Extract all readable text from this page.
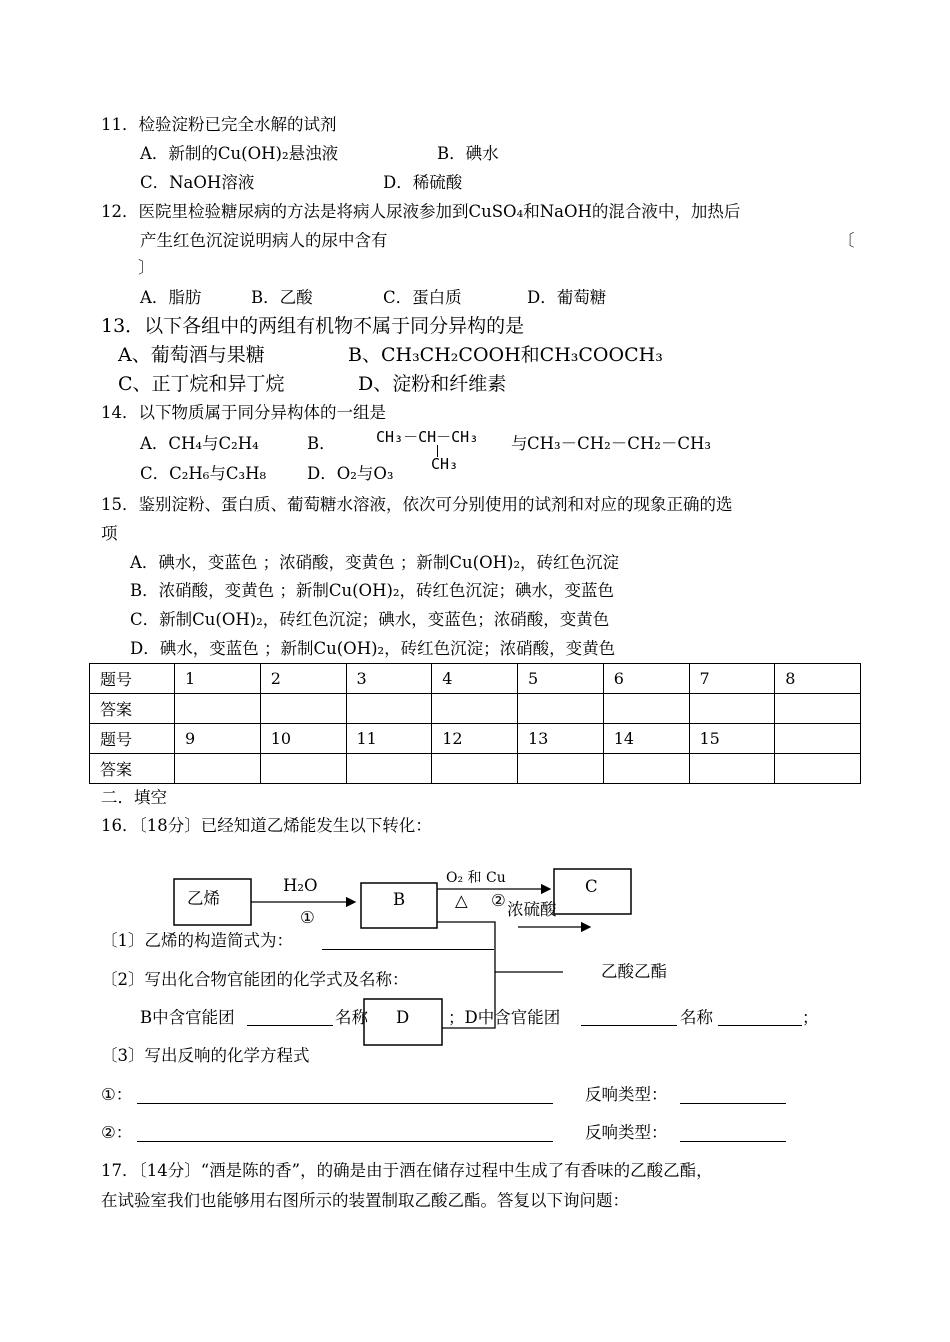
11．检验淀粉已完全水解的试剂
A．新制的Cu(OH)₂悬浊液	B．碘水
C．NaOH溶液	D．稀硫酸
12．医院里检验糖尿病的方法是将病人尿液参加到CuSO₄和NaOH的混合液中，加热后
产生红色沉淀说明病人的尿中含有	〔
〕
A．脂肪	B．乙酸	C．蛋白质	D．葡萄糖
13．以下各组中的两组有机物不属于同分异构的是
A、葡萄酒与果糖	B、CH₃CH₂COOH和CH₃COOCH₃
C、正丁烷和异丁烷	D、淀粉和纤维素
14．以下物质属于同分异构体的一组是
A．CH₄与C₂H₄	B．	CH₃－CH－CH₃
CH₃
与 CH₃－CH₂－CH₂－CH₃
C．C₂H₆与C₃H₈ D．O₂与O₃
15．鉴别淀粉、蛋白质、葡萄糖水溶液，依次可分别使用的试剂和对应的现象正确的选
项
A．碘水，变蓝色 ；浓硝酸，变黄色 ；新制Cu(OH)₂，砖红色沉淀
B．浓硝酸，变黄色 ；新制Cu(OH)₂，砖红色沉淀；碘水，变蓝色
C．新制Cu(OH)₂，砖红色沉淀；碘水，变蓝色；浓硝酸，变黄色
D．碘水，变蓝色 ；新制Cu(OH)₂，砖红色沉淀；浓硝酸，变黄色
题号	1	2	3	4	5	6	7	8
答案								
题号	9	10	11	12	13	14	15	
答案								
二．填空
16．〔18分〕已经知道乙烯能发生以下转化：
乙烯	B
C
D
H₂O
①
O₂ 和 Cu
△ ② 浓硫酸
乙酸乙酯
〔1〕乙烯的构造简式为：
〔2〕写出化合物官能团的化学式及名称：
B中含官能团	名称	；D中含官能团	名称	；
〔3〕写出反响的化学方程式
①：	反响类型：
②：	反响类型：
17．〔14分〕“酒是陈的香”，的确是由于酒在储存过程中生成了有香味的乙酸乙酯，
在试验室我们也能够用右图所示的装置制取乙酸乙酯。答复以下询问题：
